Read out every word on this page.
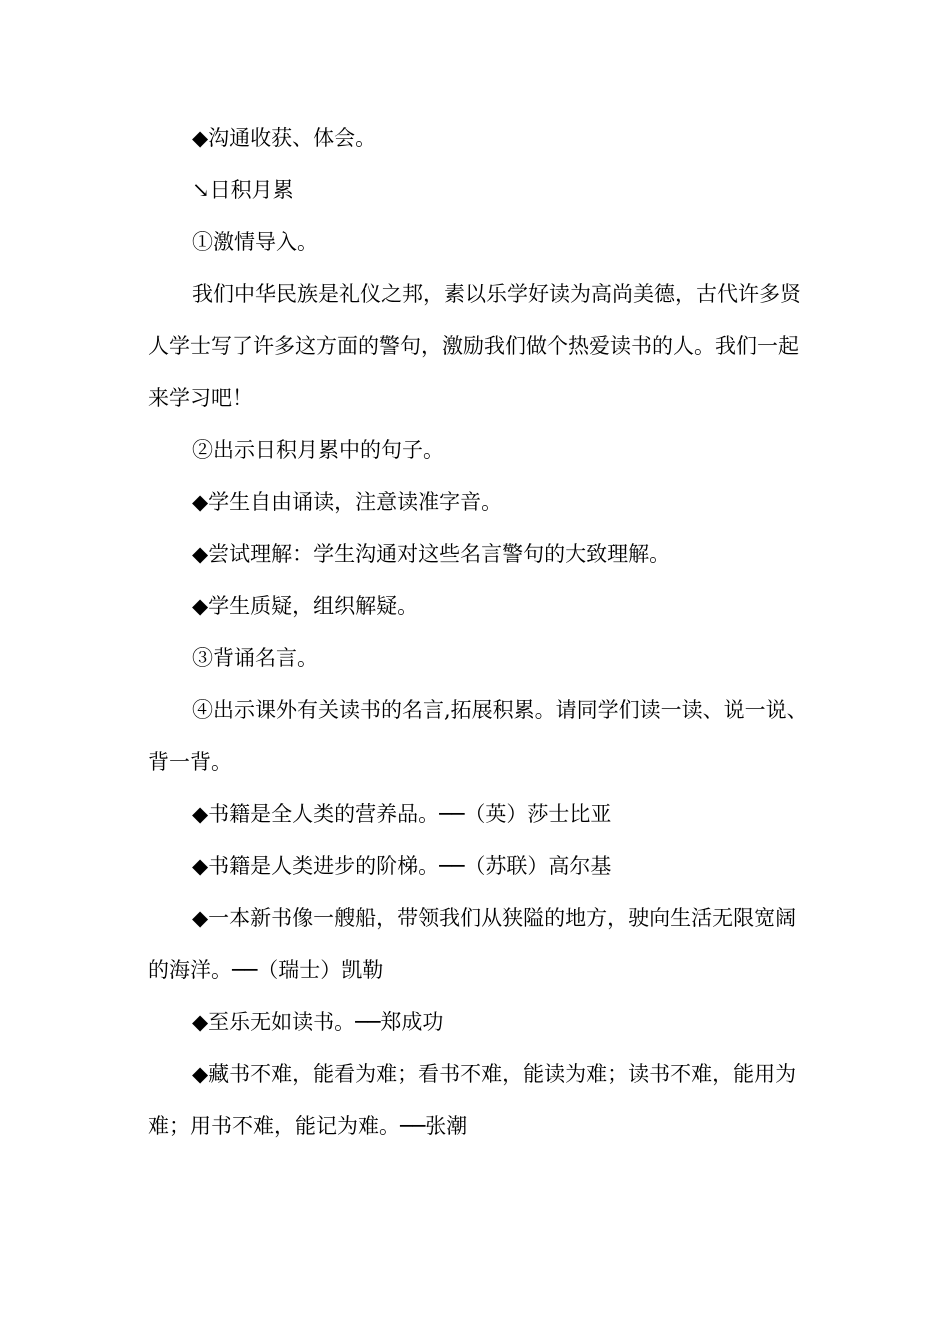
◆沟通收获、体会。

↘日积月累

①激情导入。

我们中华民族是礼仪之邦，素以乐学好读为高尚美德，古代许多贤人学士写了许多这方面的警句，激励我们做个热爱读书的人。我们一起来学习吧！

②出示日积月累中的句子。

◆学生自由诵读，注意读准字音。

◆尝试理解：学生沟通对这些名言警句的大致理解。

◆学生质疑，组织解疑。

③背诵名言。

④出示课外有关读书的名言,拓展积累。请同学们读一读、说一说、背一背。

◆书籍是全人类的营养品。──（英）莎士比亚

◆书籍是人类进步的阶梯。──（苏联）高尔基

◆一本新书像一艘船，带领我们从狭隘的地方，驶向生活无限宽阔的海洋。──（瑞士）凯勒

◆至乐无如读书。──郑成功

◆藏书不难，能看为难；看书不难，能读为难；读书不难，能用为难；用书不难，能记为难。──张潮
